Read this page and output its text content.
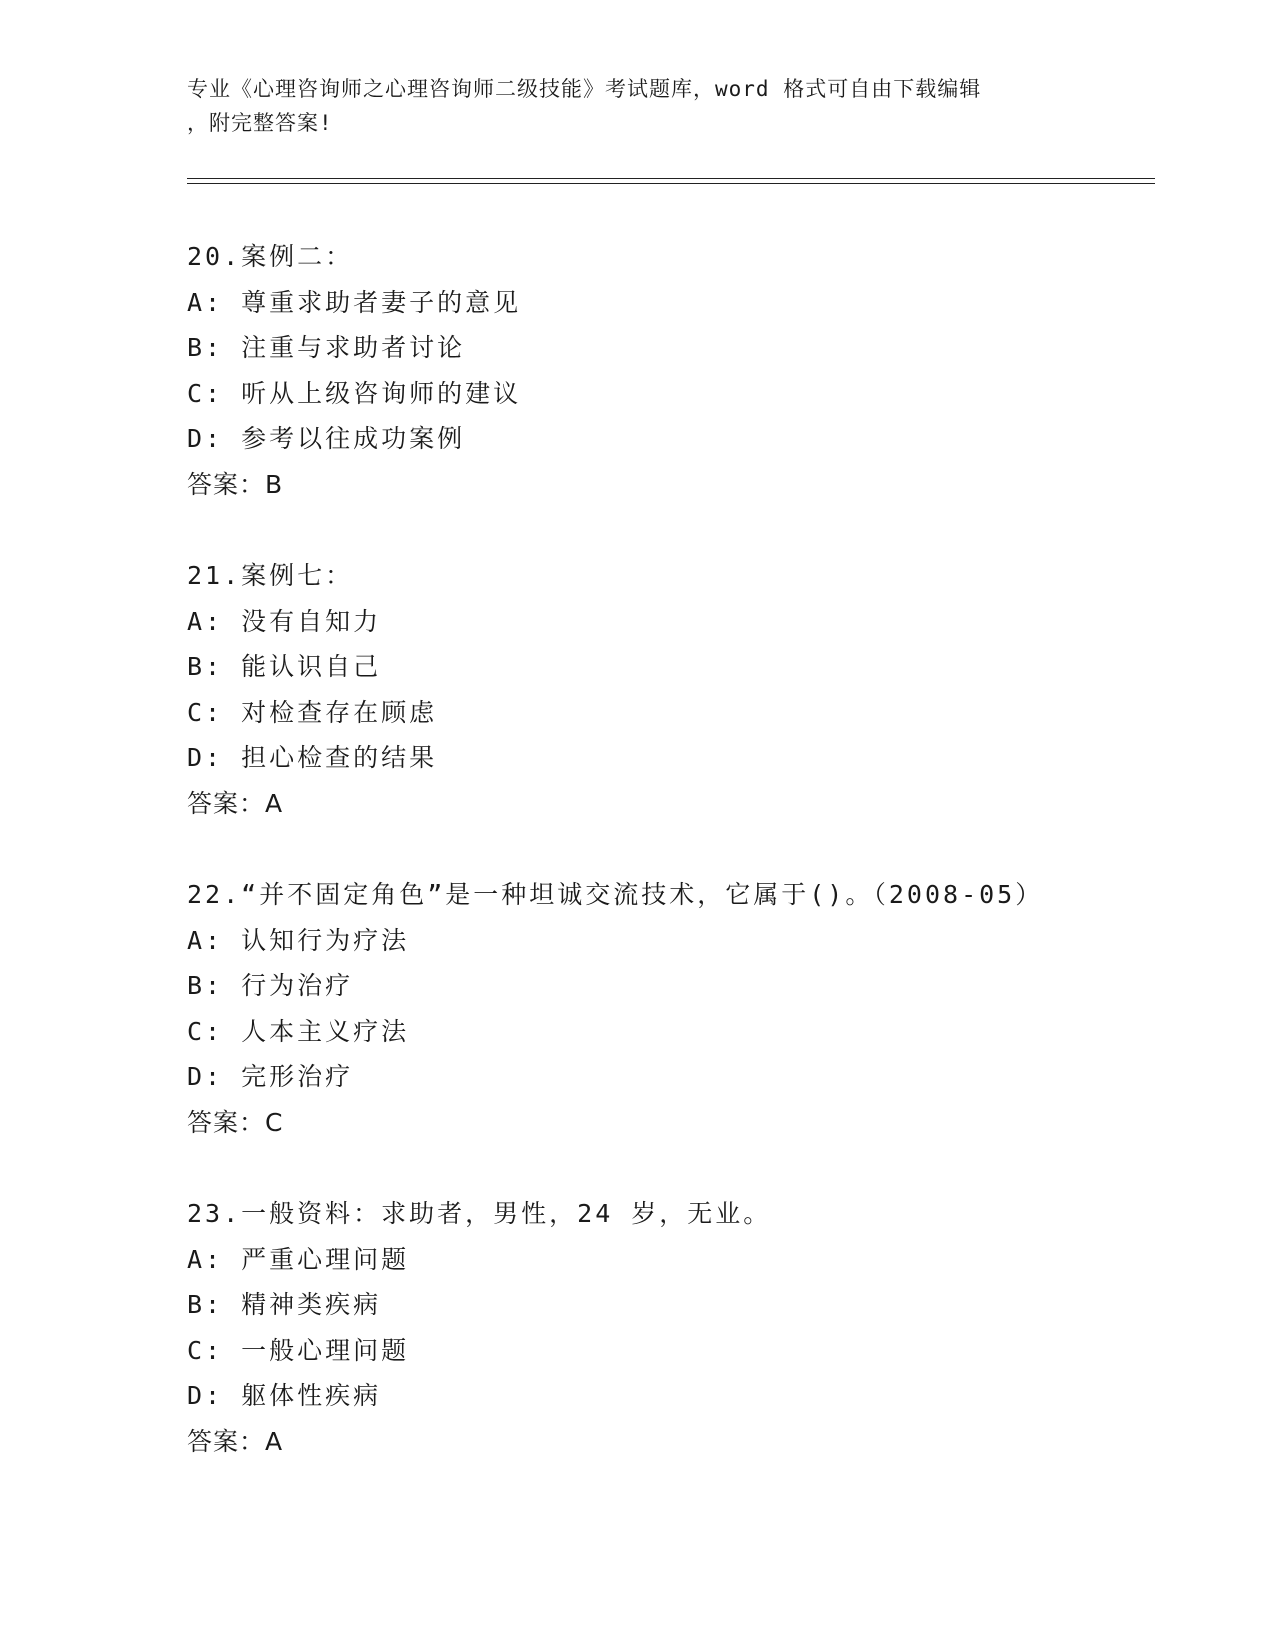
专业《心理咨询师之心理咨询师二级技能》考试题库，word 格式可自由下载编辑
，附完整答案!
20.案例二：
A: 尊重求助者妻子的意见
B: 注重与求助者讨论
C: 听从上级咨询师的建议
D: 参考以往成功案例
答案：B
21.案例七：
A: 没有自知力
B: 能认识自己
C: 对检查存在顾虑
D: 担心检查的结果
答案：A
22.“并不固定角色”是一种坦诚交流技术，它属于()。（2008-05）
A: 认知行为疗法
B: 行为治疗
C: 人本主义疗法
D: 完形治疗
答案：C
23.一般资料：求助者，男性，24 岁，无业。
A: 严重心理问题
B: 精神类疾病
C: 一般心理问题
D: 躯体性疾病
答案：A
